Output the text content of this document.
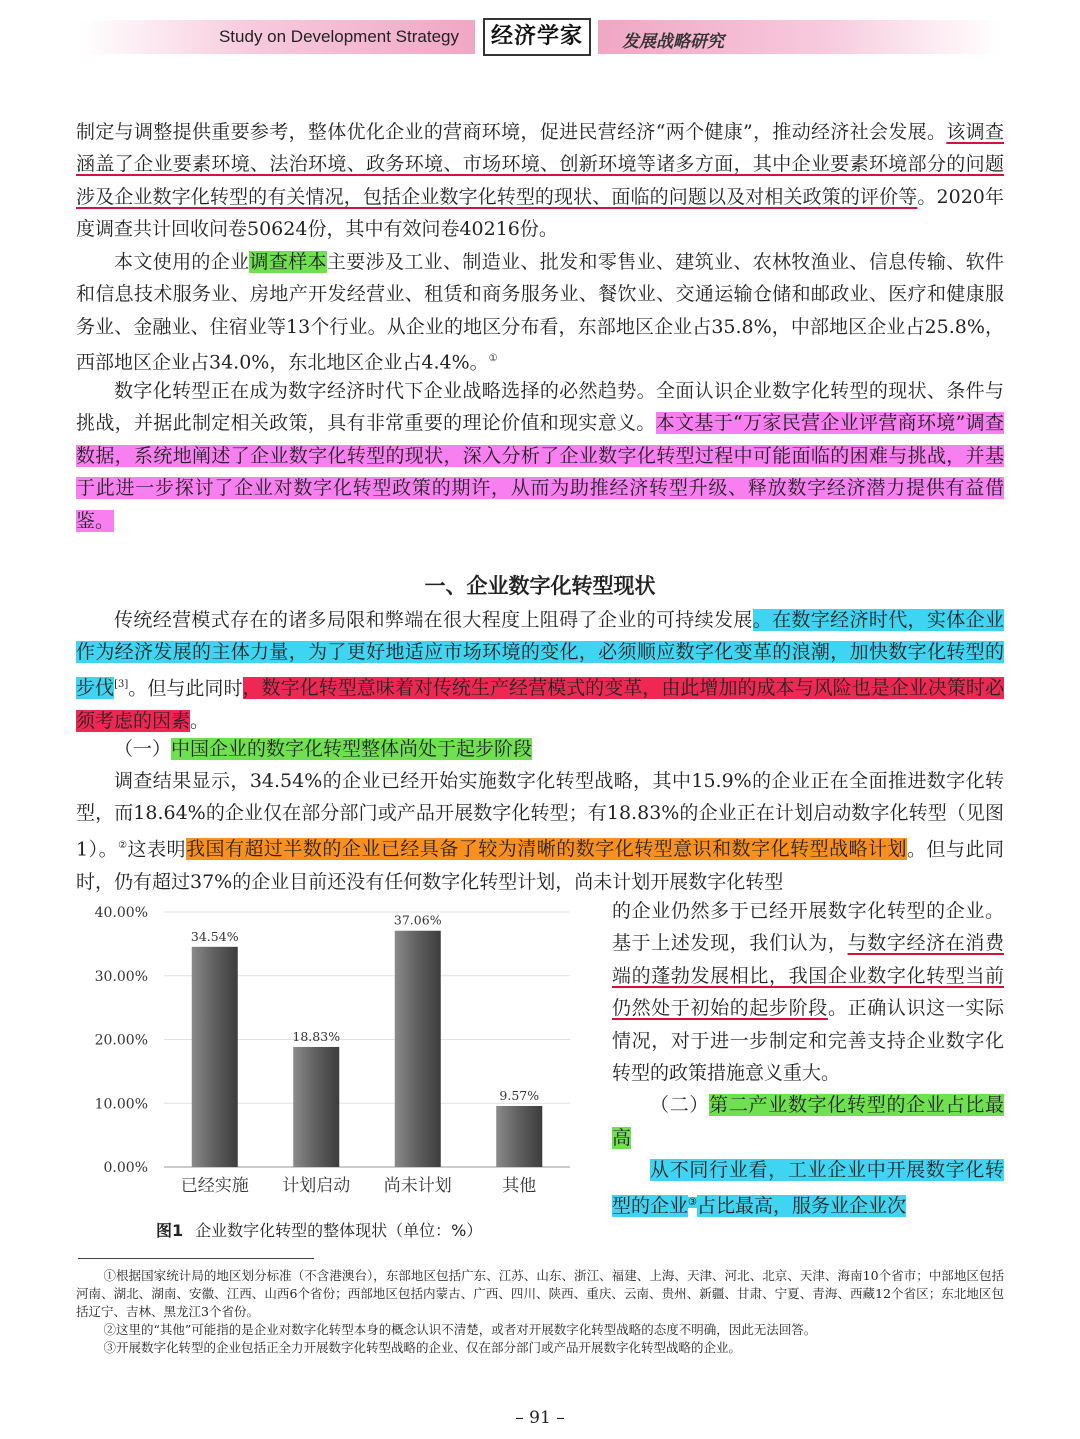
Study on Development Strategy	经济学家	发展战略研究
制定与调整提供重要参考，整体优化企业的营商环境，促进民营经济“两个健康”，推动经济社会发展。该调查涵盖了企业要素环境、法治环境、政务环境、市场环境、创新环境等诸多方面，其中企业要素环境部分的问题涉及企业数字化转型的有关情况，包括企业数字化转型的现状、面临的问题以及对相关政策的评价等。2020年度调查共计回收问卷50624份，其中有效问卷40216份。
本文使用的企业调查样本主要涉及工业、制造业、批发和零售业、建筑业、农林牧渔业、信息传输、软件和信息技术服务业、房地产开发经营业、租赁和商务服务业、餐饮业、交通运输仓储和邮政业、医疗和健康服务业、金融业、住宿业等13个行业。从企业的地区分布看，东部地区企业占35.8%，中部地区企业占25.8%，西部地区企业占34.0%，东北地区企业占4.4%。①
数字化转型正在成为数字经济时代下企业战略选择的必然趋势。全面认识企业数字化转型的现状、条件与挑战，并据此制定相关政策，具有非常重要的理论价值和现实意义。本文基于“万家民营企业评营商环境”调查数据，系统地阐述了企业数字化转型的现状，深入分析了企业数字化转型过程中可能面临的困难与挑战，并基于此进一步探讨了企业对数字化转型政策的期许，从而为助推经济转型升级、释放数字经济潜力提供有益借鉴。
一、企业数字化转型现状
传统经营模式存在的诸多局限和弊端在很大程度上阻碍了企业的可持续发展。在数字经济时代，实体企业作为经济发展的主体力量，为了更好地适应市场环境的变化，必须顺应数字化变革的浪潮，加快数字化转型的步伐[3]。但与此同时，数字化转型意味着对传统生产经营模式的变革，由此增加的成本与风险也是企业决策时必须考虑的因素。
（一）中国企业的数字化转型整体尚处于起步阶段
调查结果显示，34.54%的企业已经开始实施数字化转型战略，其中15.9%的企业正在全面推进数字化转型，而18.64%的企业仅在部分部门或产品开展数字化转型；有18.83%的企业正在计划启动数字化转型（见图1）。②这表明我国有超过半数的企业已经具备了较为清晰的数字化转型意识和数字化转型战略计划。但与此同时，仍有超过37%的企业目前还没有任何数字化转型计划，尚未计划开展数字化转型
0.00%
10.00%
20.00%
30.00%
40.00%
34.54%
已经实施
18.83%
计划启动
37.06%
尚未计划
9.57%
其他
图1 企业数字化转型的整体现状（单位：%）
的企业仍然多于已经开展数字化转型的企业。基于上述发现，我们认为，与数字经济在消费端的蓬勃发展相比，我国企业数字化转型当前仍然处于初始的起步阶段。正确认识这一实际情况，对于进一步制定和完善支持企业数字化转型的政策措施意义重大。
（二）第二产业数字化转型的企业占比最高
从不同行业看，工业企业中开展数字化转型的企业③占比最高，服务业企业次

①根据国家统计局的地区划分标准（不含港澳台），东部地区包括广东、江苏、山东、浙江、福建、上海、天津、河北、北京、天津、海南10个省市；中部地区包括河南、湖北、湖南、安徽、江西、山西6个省份；西部地区包括内蒙古、广西、四川、陕西、重庆、云南、贵州、新疆、甘肃、宁夏、青海、西藏12个省区；东北地区包括辽宁、吉林、黑龙江3个省份。

②这里的“其他”可能指的是企业对数字化转型本身的概念认识不清楚，或者对开展数字化转型战略的态度不明确，因此无法回答。

③开展数字化转型的企业包括正全力开展数字化转型战略的企业、仅在部分部门或产品开展数字化转型战略的企业。

– 91 –
